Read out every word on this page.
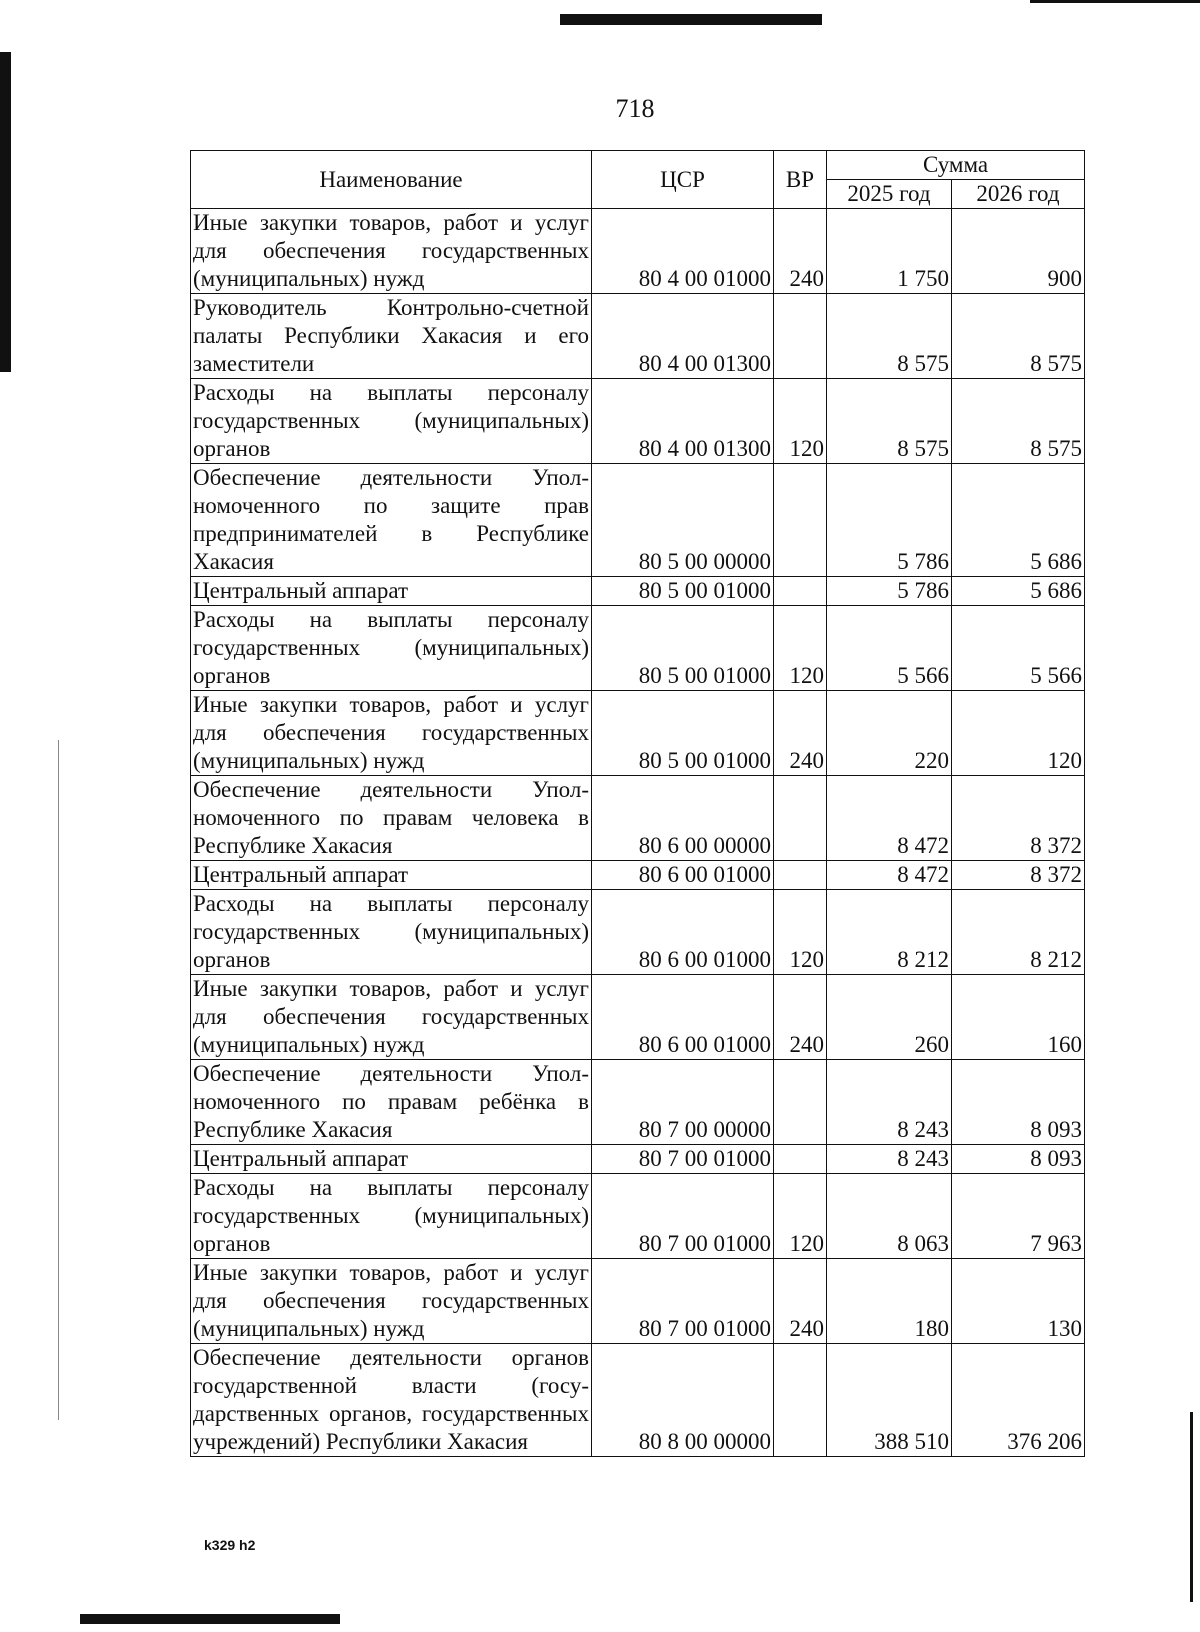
718
Наименование	ЦСР	ВР	Сумма	
			2025 год	2026 год
Иные закупки товаров, работ и услуг для обеспечения государственных (муниципальных) нужд	80 4 00 01000	240	1 750	900
Руководитель Контрольно-счетной палаты Республики Хакасия и его заместители	80 4 00 01300		8 575	8 575
Расходы на выплаты персоналу государственных (муниципальных) органов	80 4 00 01300	120	8 575	8 575
Обеспечение деятельности Уполномоченного по защите прав предпринимателей в Республике Хакасия	80 5 00 00000		5 786	5 686
Центральный аппарат	80 5 00 01000		5 786	5 686
Расходы на выплаты персоналу государственных (муниципальных) органов	80 5 00 01000	120	5 566	5 566
Иные закупки товаров, работ и услуг для обеспечения государственных (муниципальных) нужд	80 5 00 01000	240	220	120
Обеспечение деятельности Уполномоченного по правам человека в Республике Хакасия	80 6 00 00000		8 472	8 372
Центральный аппарат	80 6 00 01000		8 472	8 372
Расходы на выплаты персоналу государственных (муниципальных) органов	80 6 00 01000	120	8 212	8 212
Иные закупки товаров, работ и услуг для обеспечения государственных (муниципальных) нужд	80 6 00 01000	240	260	160
Обеспечение деятельности Уполномоченного по правам ребёнка в Республике Хакасия	80 7 00 00000		8 243	8 093
Центральный аппарат	80 7 00 01000		8 243	8 093
Расходы на выплаты персоналу государственных (муниципальных) органов	80 7 00 01000	120	8 063	7 963
Иные закупки товаров, работ и услуг для обеспечения государственных (муниципальных) нужд	80 7 00 01000	240	180	130
Обеспечение деятельности органов государственной власти (государственных органов, государственных учреждений) Республики Хакасия	80 8 00 00000		388 510	376 206
k329 h2
